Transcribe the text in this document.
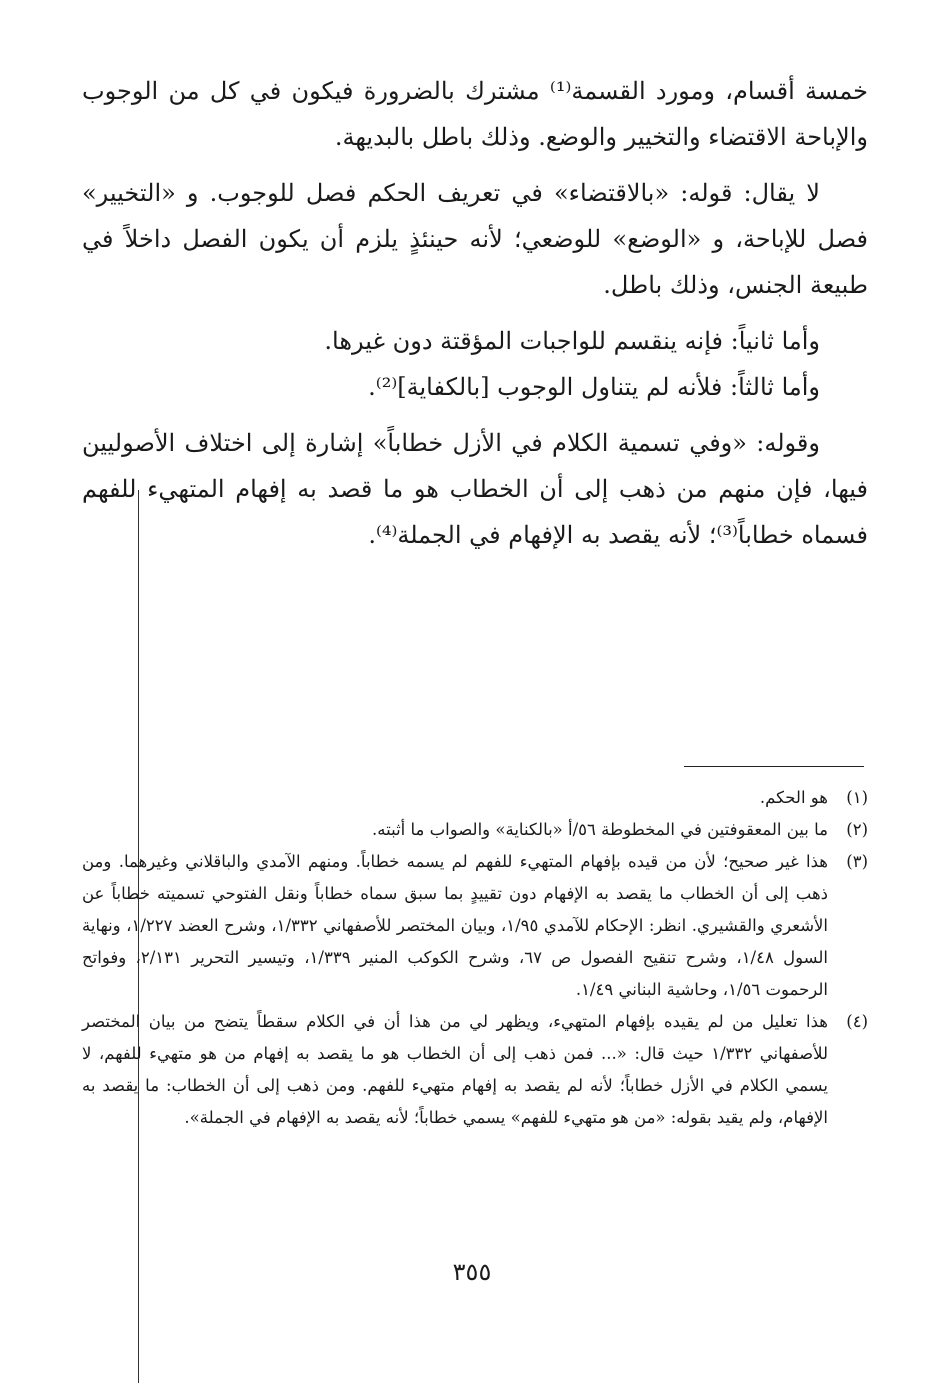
خمسة أقسام، ومورد القسمة⁽¹⁾ مشترك بالضرورة فيكون في كل من الوجوب والإباحة الاقتضاء والتخيير والوضع. وذلك باطل بالبديهة.

لا يقال: قوله: «بالاقتضاء» في تعريف الحكم فصل للوجوب. و «التخيير» فصل للإباحة، و «الوضع» للوضعي؛ لأنه حينئذٍ يلزم أن يكون الفصل داخلاً في طبيعة الجنس، وذلك باطل.

وأما ثانياً: فإنه ينقسم للواجبات المؤقتة دون غيرها.

وأما ثالثاً: فلأنه لم يتناول الوجوب [بالكفاية]⁽²⁾.

وقوله: «وفي تسمية الكلام في الأزل خطاباً» إشارة إلى اختلاف الأصوليين فيها، فإن منهم من ذهب إلى أن الخطاب هو ما قصد به إفهام المتهيء للفهم فسماه خطاباً⁽³⁾؛ لأنه يقصد به الإفهام في الجملة⁽⁴⁾.

(١)
هو الحكم.

(٢)
ما بين المعقوفتين في المخطوطة ٥٦/أ «بالكناية» والصواب ما أثبته.

(٣)
هذا غير صحيح؛ لأن من قيده بإفهام المتهيء للفهم لم يسمه خطاباً. ومنهم الآمدي والباقلاني وغيرهما. ومن ذهب إلى أن الخطاب ما يقصد به الإفهام دون تقييدٍ بما سبق سماه خطاباً ونقل الفتوحي تسميته خطاباً عن الأشعري والقشيري. انظر: الإحكام للآمدي ١/٩٥، وبيان المختصر للأصفهاني ١/٣٣٢، وشرح العضد ١/٢٢٧، ونهاية السول ١/٤٨، وشرح تنقيح الفصول ص ٦٧، وشرح الكوكب المنير ١/٣٣٩، وتيسير التحرير ٢/١٣١، وفواتح الرحموت ١/٥٦، وحاشية البناني ١/٤٩.

(٤)
هذا تعليل من لم يقيده بإفهام المتهيء، ويظهر لي من هذا أن في الكلام سقطاً يتضح من بيان المختصر للأصفهاني ١/٣٣٢ حيث قال: «... فمن ذهب إلى أن الخطاب هو ما يقصد به إفهام من هو متهيء للفهم، لا يسمي الكلام في الأزل خطاباً؛ لأنه لم يقصد به إفهام متهيء للفهم. ومن ذهب إلى أن الخطاب: ما يقصد به الإفهام، ولم يقيد بقوله: «من هو متهيء للفهم» يسمي خطاباً؛ لأنه يقصد به الإفهام في الجملة».

٣٥٥
